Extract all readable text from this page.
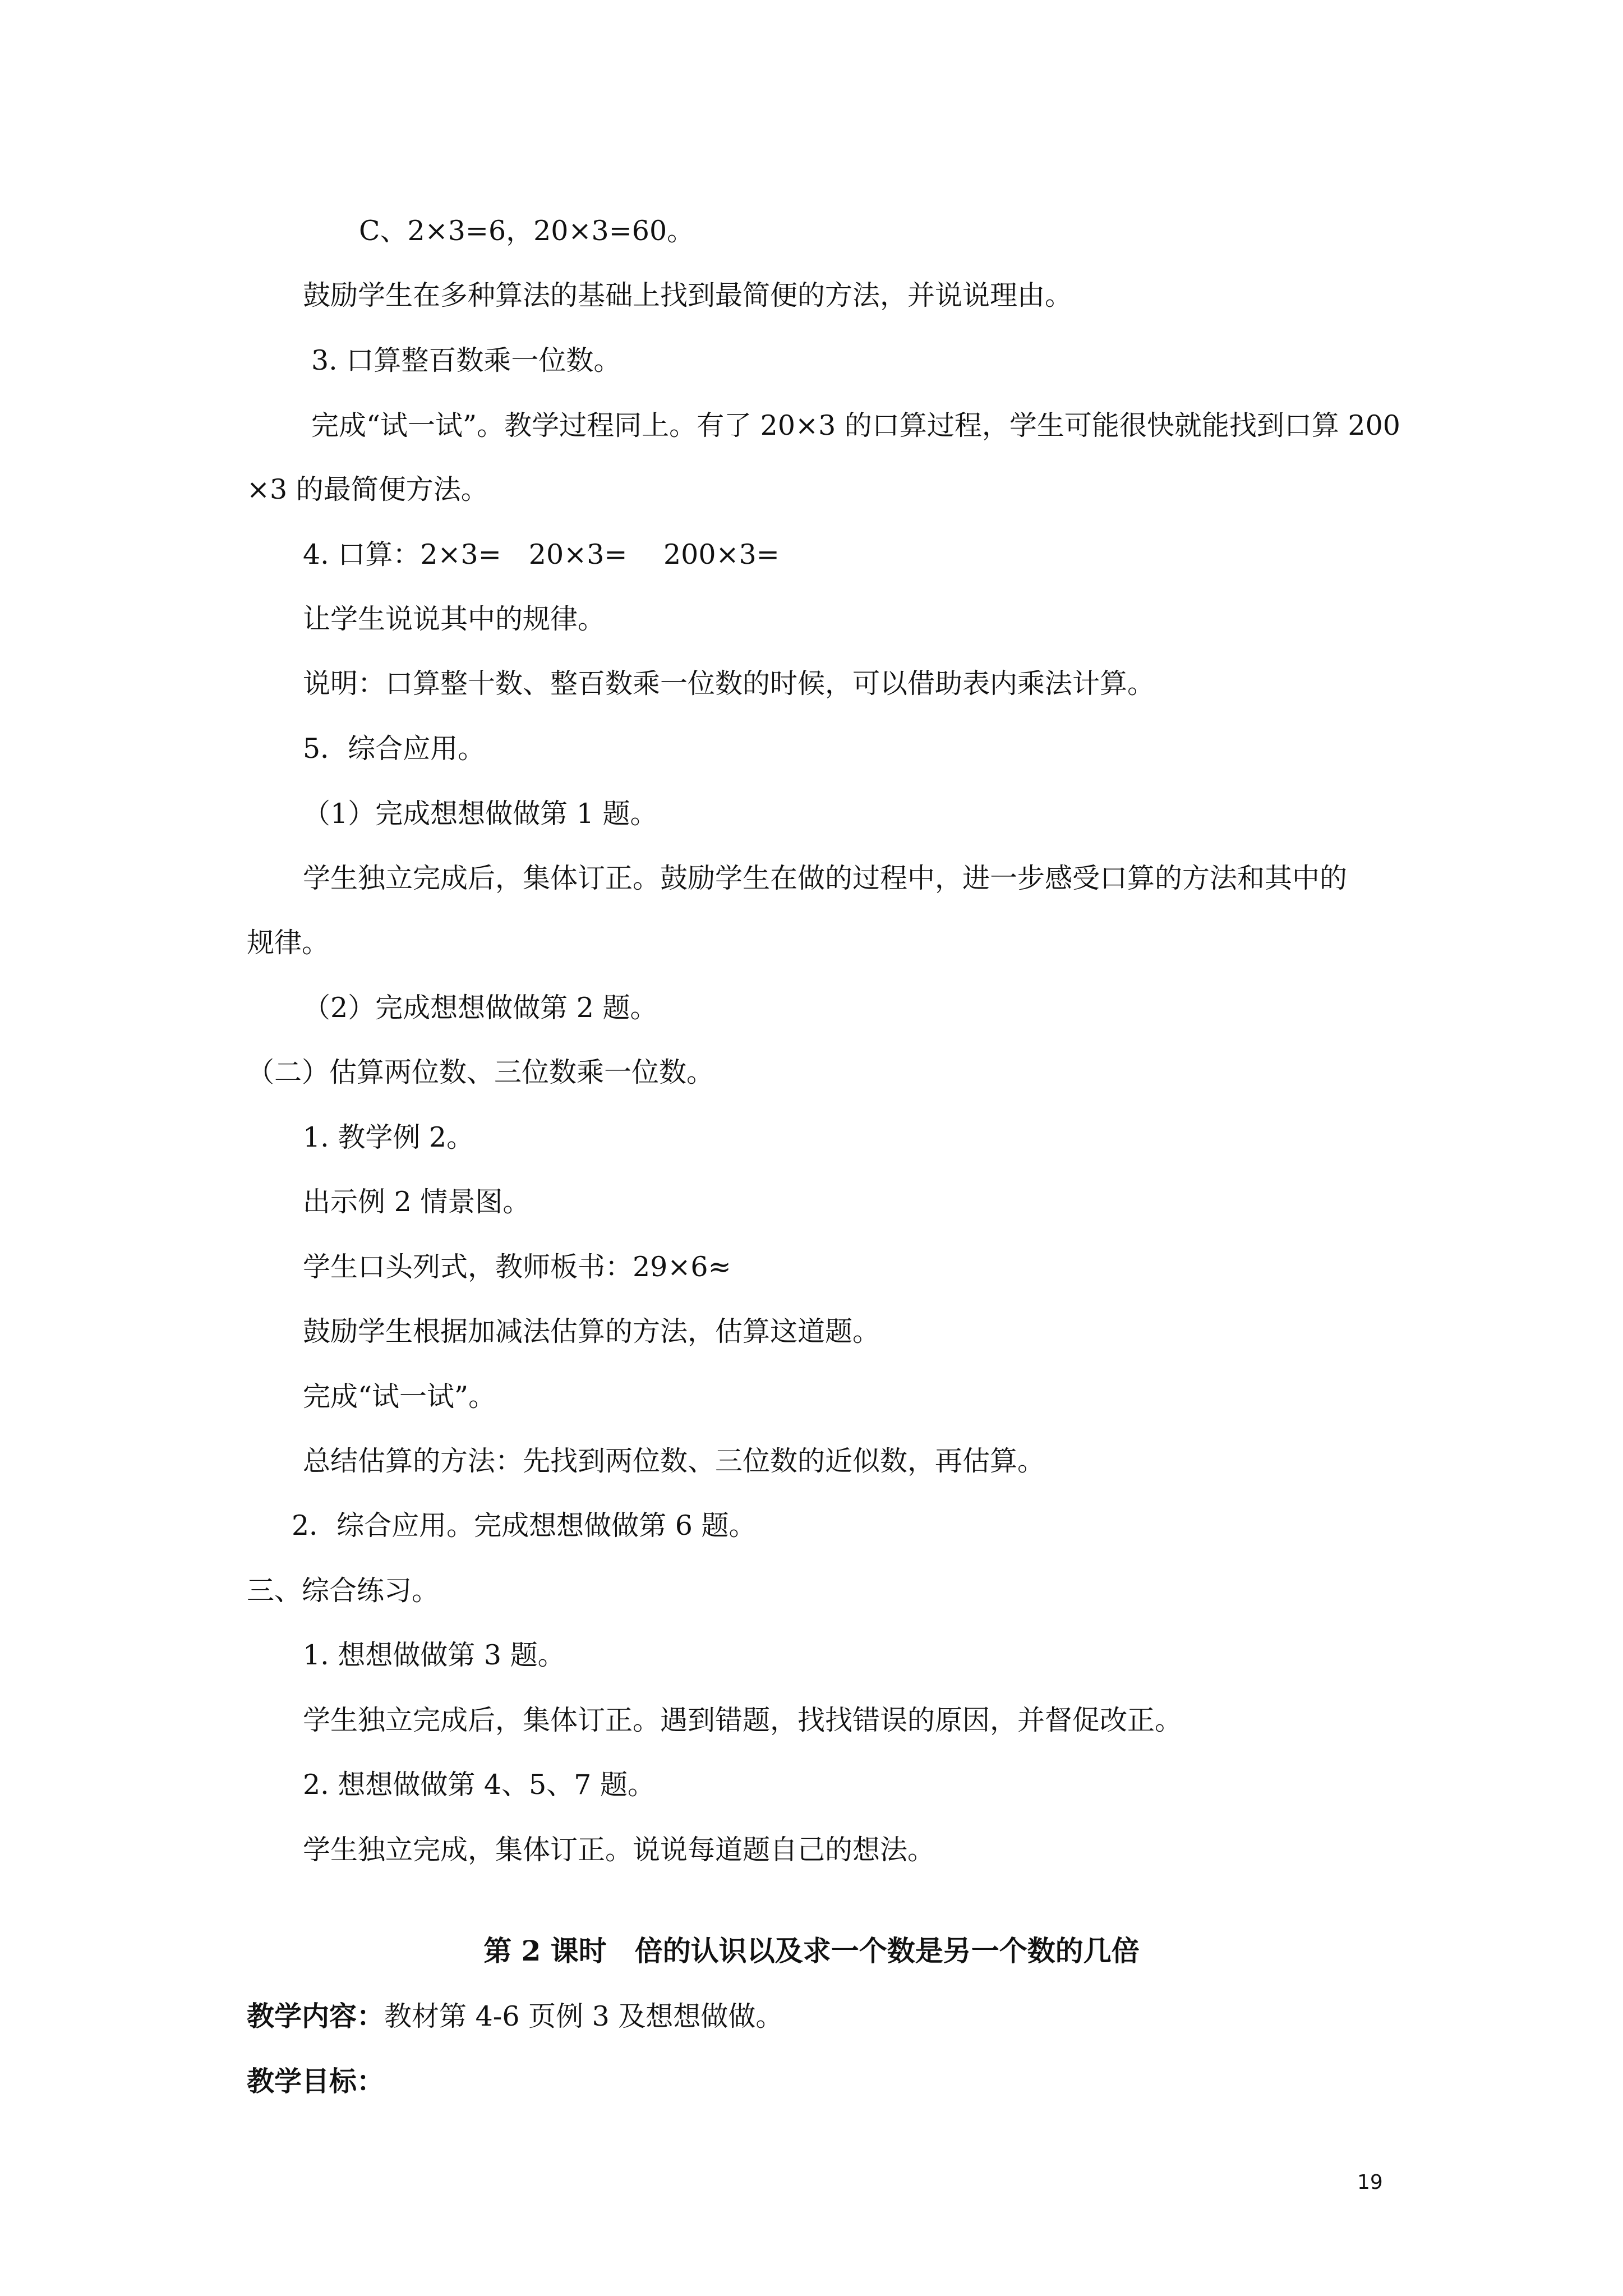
C、2×3=6，20×3=60。
鼓励学生在多种算法的基础上找到最简便的方法，并说说理由。
3. 口算整百数乘一位数。
完成“试一试”。教学过程同上。有了 20×3 的口算过程，学生可能很快就能找到口算 200
×3 的最简便方法。
4. 口算：2×3=　20×3=　 200×3=
让学生说说其中的规律。
说明：口算整十数、整百数乘一位数的时候，可以借助表内乘法计算。
5．综合应用。
（1）完成想想做做第 1 题。
学生独立完成后，集体订正。鼓励学生在做的过程中，进一步感受口算的方法和其中的
规律。
（2）完成想想做做第 2 题。
（二）估算两位数、三位数乘一位数。
1. 教学例 2。
出示例 2 情景图。
学生口头列式，教师板书：29×6≈
鼓励学生根据加减法估算的方法，估算这道题。
完成“试一试”。
总结估算的方法：先找到两位数、三位数的近似数，再估算。
2．综合应用。完成想想做做第 6 题。
三、综合练习。
1. 想想做做第 3 题。
学生独立完成后，集体订正。遇到错题，找找错误的原因，并督促改正。
2. 想想做做第 4、5、7 题。
学生独立完成，集体订正。说说每道题自己的想法。
第 2 课时　倍的认识以及求一个数是另一个数的几倍
教学内容：教材第 4-6 页例 3 及想想做做。
教学目标：
19
